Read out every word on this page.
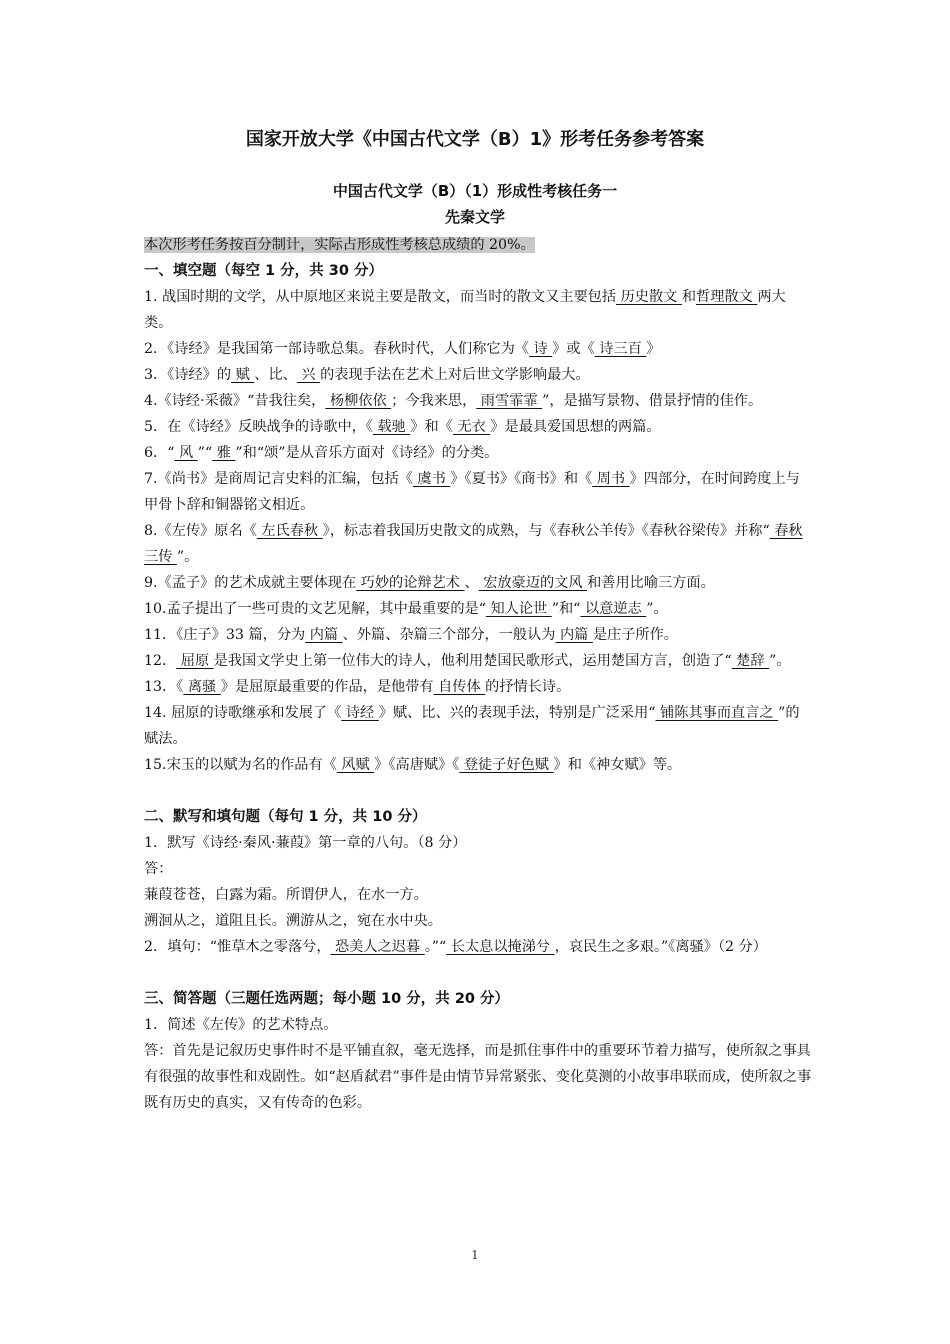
国家开放大学《中国古代文学（B）1》形考任务参考答案

中国古代文学（B）（1）形成性考核任务一

先秦文学

本次形考任务按百分制计，实际占形成性考核总成绩的 20%。

一、填空题（每空 1 分，共 30 分）

1. 战国时期的文学，从中原地区来说主要是散文，而当时的散文又主要包括 历史散文 和哲理散文 两大类。

2．《诗经》是我国第一部诗歌总集。春秋时代，人们称它为《 诗 》或《 诗三百 》

3．《诗经》的 赋 、比、 兴 的表现手法在艺术上对后世文学影响最大。

4.《诗经·采薇》“昔我往矣， 杨柳依依 ；今我来思， 雨雪霏霏 ”，是描写景物、借景抒情的佳作。

5．在《诗经》反映战争的诗歌中，《 载驰 》和《 无衣 》是最具爱国思想的两篇。

6．“ 风 ”“ 雅 ”和“颂”是从音乐方面对《诗经》的分类。

7.《尚书》是商周记言史料的汇编，包括《 虞书 》《夏书》《商书》和《 周书 》四部分，在时间跨度上与甲骨卜辞和铜器铭文相近。

8.《左传》原名《 左氏春秋 》，标志着我国历史散文的成熟，与《春秋公羊传》《春秋谷梁传》并称“ 春秋三传 ”。

9.《孟子》的艺术成就主要体现在 巧妙的论辩艺术 、 宏放豪迈的文风 和善用比喻三方面。

10.孟子提出了一些可贵的文艺见解，其中最重要的是“ 知人论世 ”和“ 以意逆志 ”。

11．《庄子》33 篇，分为 内篇 、外篇、杂篇三个部分，一般认为 内篇 是庄子所作。

12． 屈原 是我国文学史上第一位伟大的诗人，他利用楚国民歌形式，运用楚国方言，创造了“ 楚辞 ”。

13．《 离骚 》是屈原最重要的作品，是他带有 自传体 的抒情长诗。

14. 屈原的诗歌继承和发展了《 诗经 》赋、比、兴的表现手法，特别是广泛采用“ 铺陈其事而直言之 ”的赋法。

15.宋玉的以赋为名的作品有《 风赋 》《高唐赋》《 登徒子好色赋 》和《神女赋》等。

二、默写和填句题（每句 1 分，共 10 分）

1．默写《诗经·秦风·蒹葭》第一章的八句。（8 分）

答：

蒹葭苍苍，白露为霜。所谓伊人，在水一方。

溯洄从之，道阻且长。溯游从之，宛在水中央。

2．填句：“惟草木之零落兮， 恐美人之迟暮 。”“ 长太息以掩涕兮 ，哀民生之多艰。”《离骚》（2 分）

三、简答题（三题任选两题；每小题 10 分，共 20 分）

1．简述《左传》的艺术特点。

答：首先是记叙历史事件时不是平铺直叙，毫无选择，而是抓住事件中的重要环节着力描写，使所叙之事具有很强的故事性和戏剧性。如“赵盾弑君”事件是由情节异常紧张、变化莫测的小故事串联而成，使所叙之事既有历史的真实，又有传奇的色彩。

1
